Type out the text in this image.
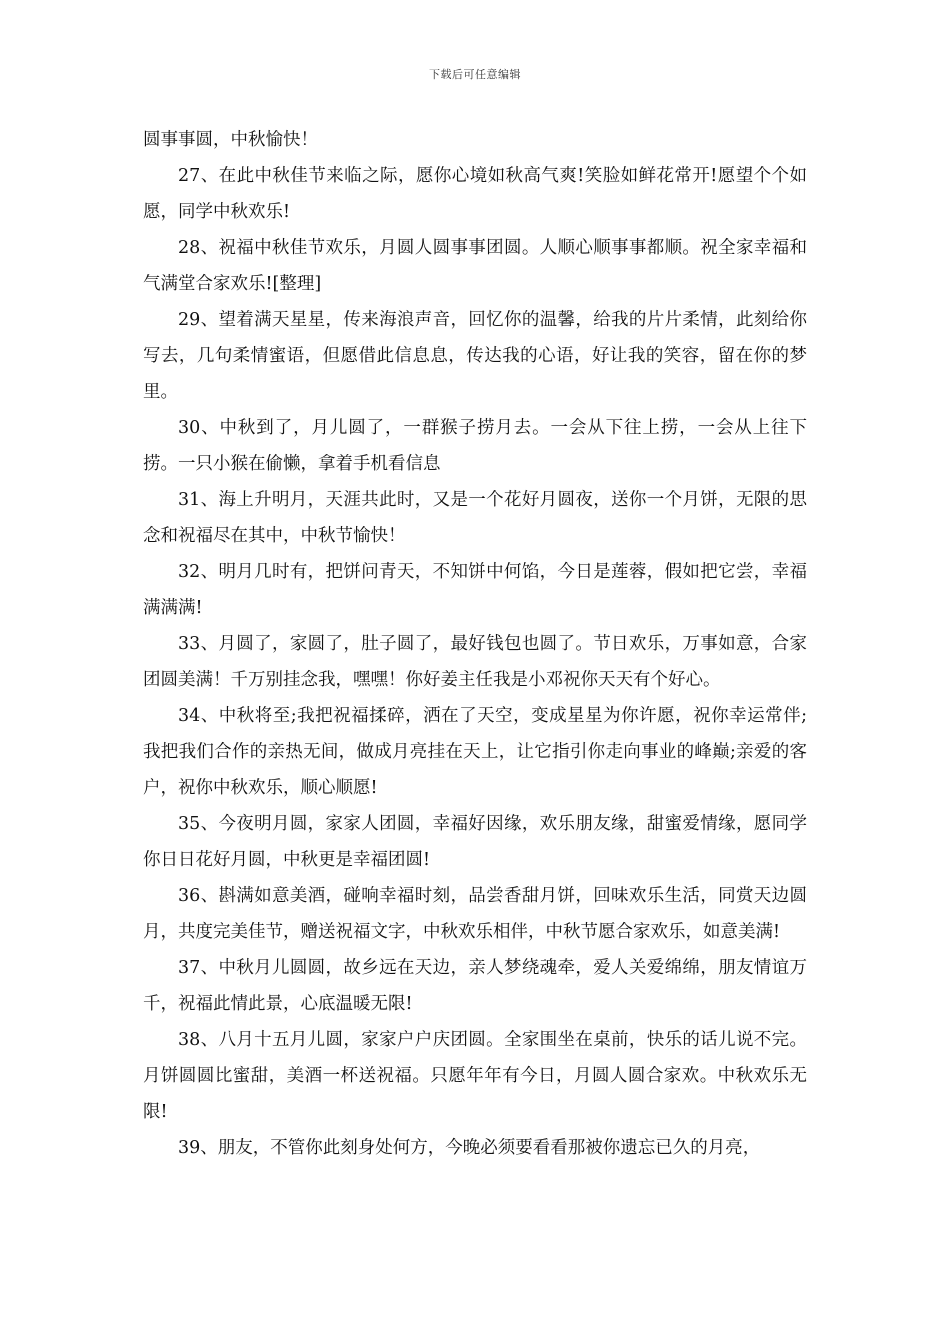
下载后可任意编辑

圆事事圆，中秋愉快！

27、在此中秋佳节来临之际，愿你心境如秋高气爽!笑脸如鲜花常开!愿望个个如愿，同学中秋欢乐!

28、祝福中秋佳节欢乐，月圆人圆事事团圆。人顺心顺事事都顺。祝全家幸福和气满堂合家欢乐![整理]

29、望着满天星星，传来海浪声音，回忆你的温馨，给我的片片柔情，此刻给你写去，几句柔情蜜语，但愿借此信息息，传达我的心语，好让我的笑容，留在你的梦里。

30、中秋到了，月儿圆了，一群猴子捞月去。一会从下往上捞，一会从上往下捞。一只小猴在偷懒，拿着手机看信息

31、海上升明月，天涯共此时，又是一个花好月圆夜，送你一个月饼，无限的思念和祝福尽在其中，中秋节愉快！

32、明月几时有，把饼问青天，不知饼中何馅，今日是莲蓉，假如把它尝，幸福满满满!

33、月圆了，家圆了，肚子圆了，最好钱包也圆了。节日欢乐，万事如意，合家团圆美满！千万别挂念我，嘿嘿！你好姜主任我是小邓祝你天天有个好心。

34、中秋将至;我把祝福揉碎，洒在了天空，变成星星为你许愿，祝你幸运常伴;我把我们合作的亲热无间，做成月亮挂在天上，让它指引你走向事业的峰巅;亲爱的客户，祝你中秋欢乐，顺心顺愿!

35、今夜明月圆，家家人团圆，幸福好因缘，欢乐朋友缘，甜蜜爱情缘，愿同学你日日花好月圆，中秋更是幸福团圆!

36、斟满如意美酒，碰响幸福时刻，品尝香甜月饼，回味欢乐生活，同赏天边圆月，共度完美佳节，赠送祝福文字，中秋欢乐相伴，中秋节愿合家欢乐，如意美满!

37、中秋月儿圆圆，故乡远在天边，亲人梦绕魂牵，爱人关爱绵绵，朋友情谊万千，祝福此情此景，心底温暖无限!

38、八月十五月儿圆，家家户户庆团圆。全家围坐在桌前，快乐的话儿说不完。月饼圆圆比蜜甜，美酒一杯送祝福。只愿年年有今日，月圆人圆合家欢。中秋欢乐无限!

39、朋友，不管你此刻身处何方，今晚必须要看看那被你遗忘已久的月亮，
